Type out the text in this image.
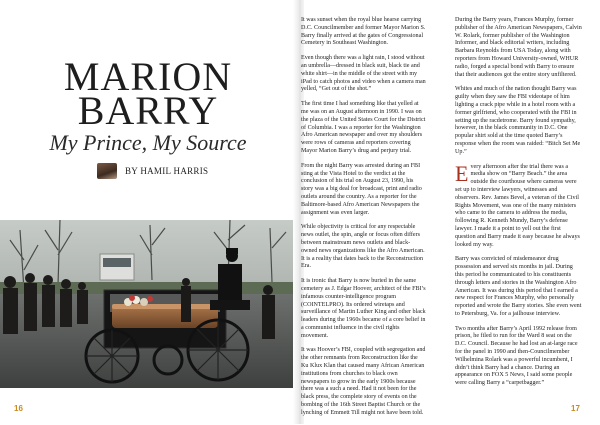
MARION
BARRY
My Prince, My Source
BY HAMIL HARRIS
16

It was sunset when the royal blue hearse carrying D.C. Councilmember and former Mayor Marion S. Barry finally arrived at the gates of Congressional Cemetery in Southeast Washington.

Even though there was a light rain, I stood without an umbrella—dressed in black suit, black tie and white shirt—in the middle of the street with my iPad to catch photos and video when a camera man yelled, “Get out of the shot.”

The first time I had something like that yelled at me was on an August afternoon in 1990. I was on the plaza of the United States Court for the District of Columbia. I was a reporter for the Washington Afro American newspaper and over my shoulders were rows of cameras and reporters covering Mayor Marion Barry’s drug and perjury trial.

From the night Barry was arrested during an FBI sting at the Vista Hotel to the verdict at the conclusion of his trial on August 23, 1990, his story was a big deal for broadcast, print and radio outlets around the country. As a reporter for the Baltimore-based Afro American Newspapers the assignment was even larger.

While objectivity is critical for any respectable news outlet, the spin, angle or focus often differs between mainstream news outlets and black-owned news organizations like the Afro American. It is a reality that dates back to the Reconstruction Era.

It is ironic that Barry is now buried in the same cemetery as J. Edgar Hoover, architect of the FBI’s infamous counter-intelligence program (COINTELPRO). Its ordered wiretaps and surveillance of Martin Luther King and other black leaders during the 1960s became of a core belief in a communist influence in the civil rights movement.

It was Hoover’s FBI, coupled with segregation and the other remnants from Reconstruction like the Ku Klux Klan that caused many African American institutions from churches to black own newspapers to grow in the early 1900s because there was a such a need. Had it not been for the black press, the complete story of events on the bombing of the 16th Street Baptist Church or the lynching of Emmett Till might not have been told.

During the Barry years, Frances Murphy, former publisher of the Afro American Newspapers, Calvin W. Rolark, former publisher of the Washington Informer, and black editorial writers, including Barbara Reynolds from USA Today, along with reporters from Howard University-owned, WHUR radio, forged a special bond with Barry to ensure that their audiences got the entire story unfiltered.

Whites and much of the nation thought Barry was guilty when they saw the FBI videotape of him lighting a crack pipe while in a hotel room with a former girlfriend, who cooperated with the FBI in setting up the racdetrome. Barry found sympathy, however, in the black community in D.C. One popular shirt sold at the time quoted Barry’s response when the room was raided: “Bitch Set Me Up.”

Every afternoon after the trial there was a media show on “Barry Beach.” the area outside the courthouse where cameras were set up to interview lawyers, witnesses and observers. Rev. James Bevel, a veteran of the Civil Rights Movement, was one of the many ministers who came to the camera to address the media, following R. Kenneth Mundy, Barry’s defense lawyer. I made it a point to yell out the first question and Barry made it easy because he always looked my way.

Barry was convicted of misdemeanor drug possession and served six months in jail. During this period he communicated to his constituents through letters and stories in the Washington Afro American. It was during this period that I earned a new respect for Frances Murphy, who personally reported and wrote the Barry stories. She even went to Petersburg, Va. for a jailhouse interview.

Two months after Barry’s April 1992 release from prison, he filed to run for the Ward 8 seat on the D.C. Council. Because he had lost an at-large race for the panel in 1990 and then-Councilmember Wilhelmina Rolark was a powerful incumbent, I didn’t think Barry had a chance. During an appearance on FOX 5 News, I said some people were calling Barry a “carpetbagger.”

17
